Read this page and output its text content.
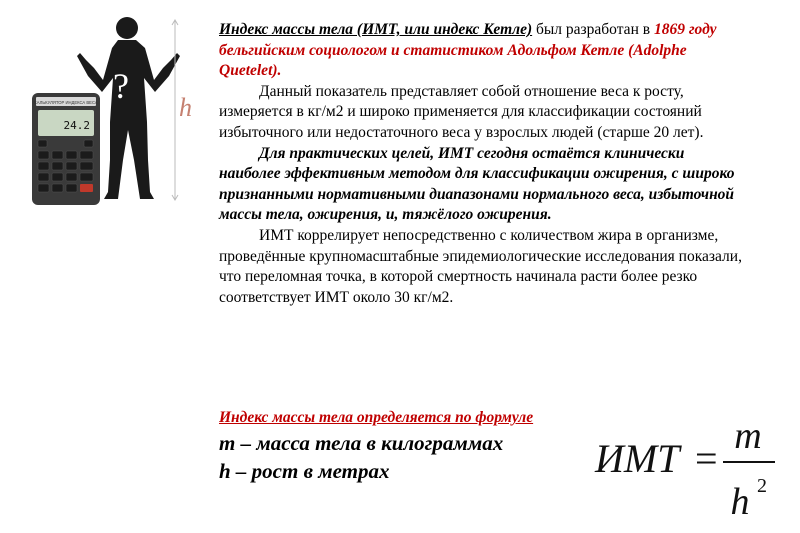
?
h
КАЛЬКУЛЯТОР ИНДЕКСА ВЕСА
24.2

Индекс массы тела (ИМТ, или индекс Кетле) был разработан в 1869 году бельгийским социологом и статистиком Адольфом Кетле (Adolphe Quetelet).

Данный показатель представляет собой отношение веса к росту, измеряется в кг/м2 и широко применяется для классификации состояний избыточного или недостаточного веса у взрослых людей (старше 20 лет).

Для практических целей, ИМТ сегодня остаётся клинически наиболее эффективным методом для классификации ожирения, с широко признанными нормативными диапазонами нормального веса, избыточной массы тела, ожирения, и, тяжёлого ожирения.

ИМТ коррелирует непосредственно с количеством жира в организме, проведённые крупномасштабные эпидемиологические исследования показали, что переломная точка, в которой смертность начинала расти более резко соответствует ИМТ около 30 кг/м2.

Индекс массы тела определяется по формуле
m – масса тела в килограммах
h – рост в метрах	ИМТ = m
h 2
